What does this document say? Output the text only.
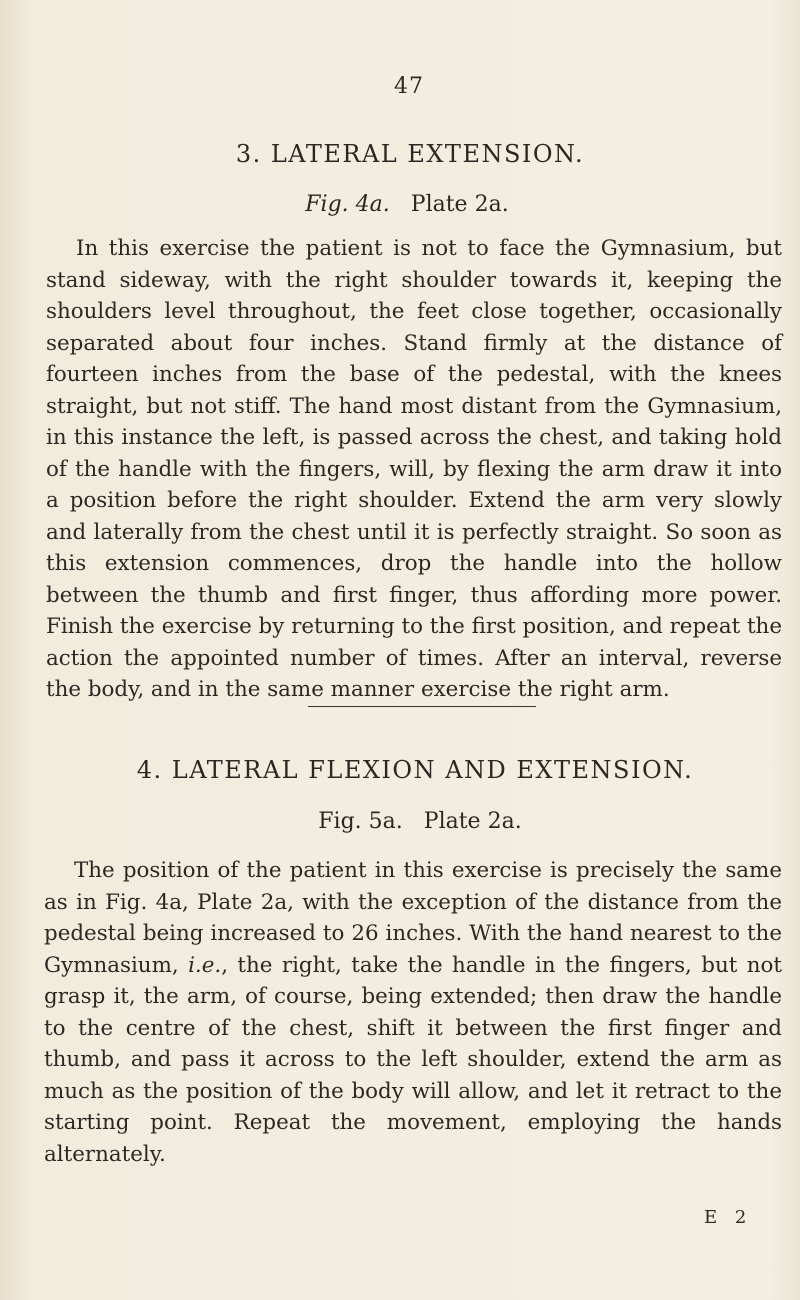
47
3. LATERAL EXTENSION.
Fig. 4a. Plate 2a.

In this exercise the patient is not to face the Gymnasium, but stand sideway, with the right shoulder towards it, keeping the shoulders level throughout, the feet close together, occasionally separated about four inches. Stand firmly at the distance of fourteen inches from the base of the pedestal, with the knees straight, but not stiff. The hand most distant from the Gymnasium, in this instance the left, is passed across the chest, and taking hold of the handle with the fingers, will, by flexing the arm draw it into a position before the right shoulder. Extend the arm very slowly and laterally from the chest until it is perfectly straight. So soon as this extension commences, drop the handle into the hollow between the thumb and first finger, thus affording more power. Finish the exercise by returning to the first position, and repeat the action the appointed number of times. After an interval, reverse the body, and in the same manner exercise the right arm.

4. LATERAL FLEXION AND EXTENSION.
Fig. 5a. Plate 2a.

The position of the patient in this exercise is precisely the same as in Fig. 4a, Plate 2a, with the exception of the distance from the pedestal being increased to 26 inches. With the hand nearest to the Gymnasium, i.e., the right, take the handle in the fingers, but not grasp it, the arm, of course, being extended; then draw the handle to the centre of the chest, shift it between the first finger and thumb, and pass it across to the left shoulder, extend the arm as much as the position of the body will allow, and let it retract to the starting point. Repeat the movement, employing the hands alternately.

E 2
